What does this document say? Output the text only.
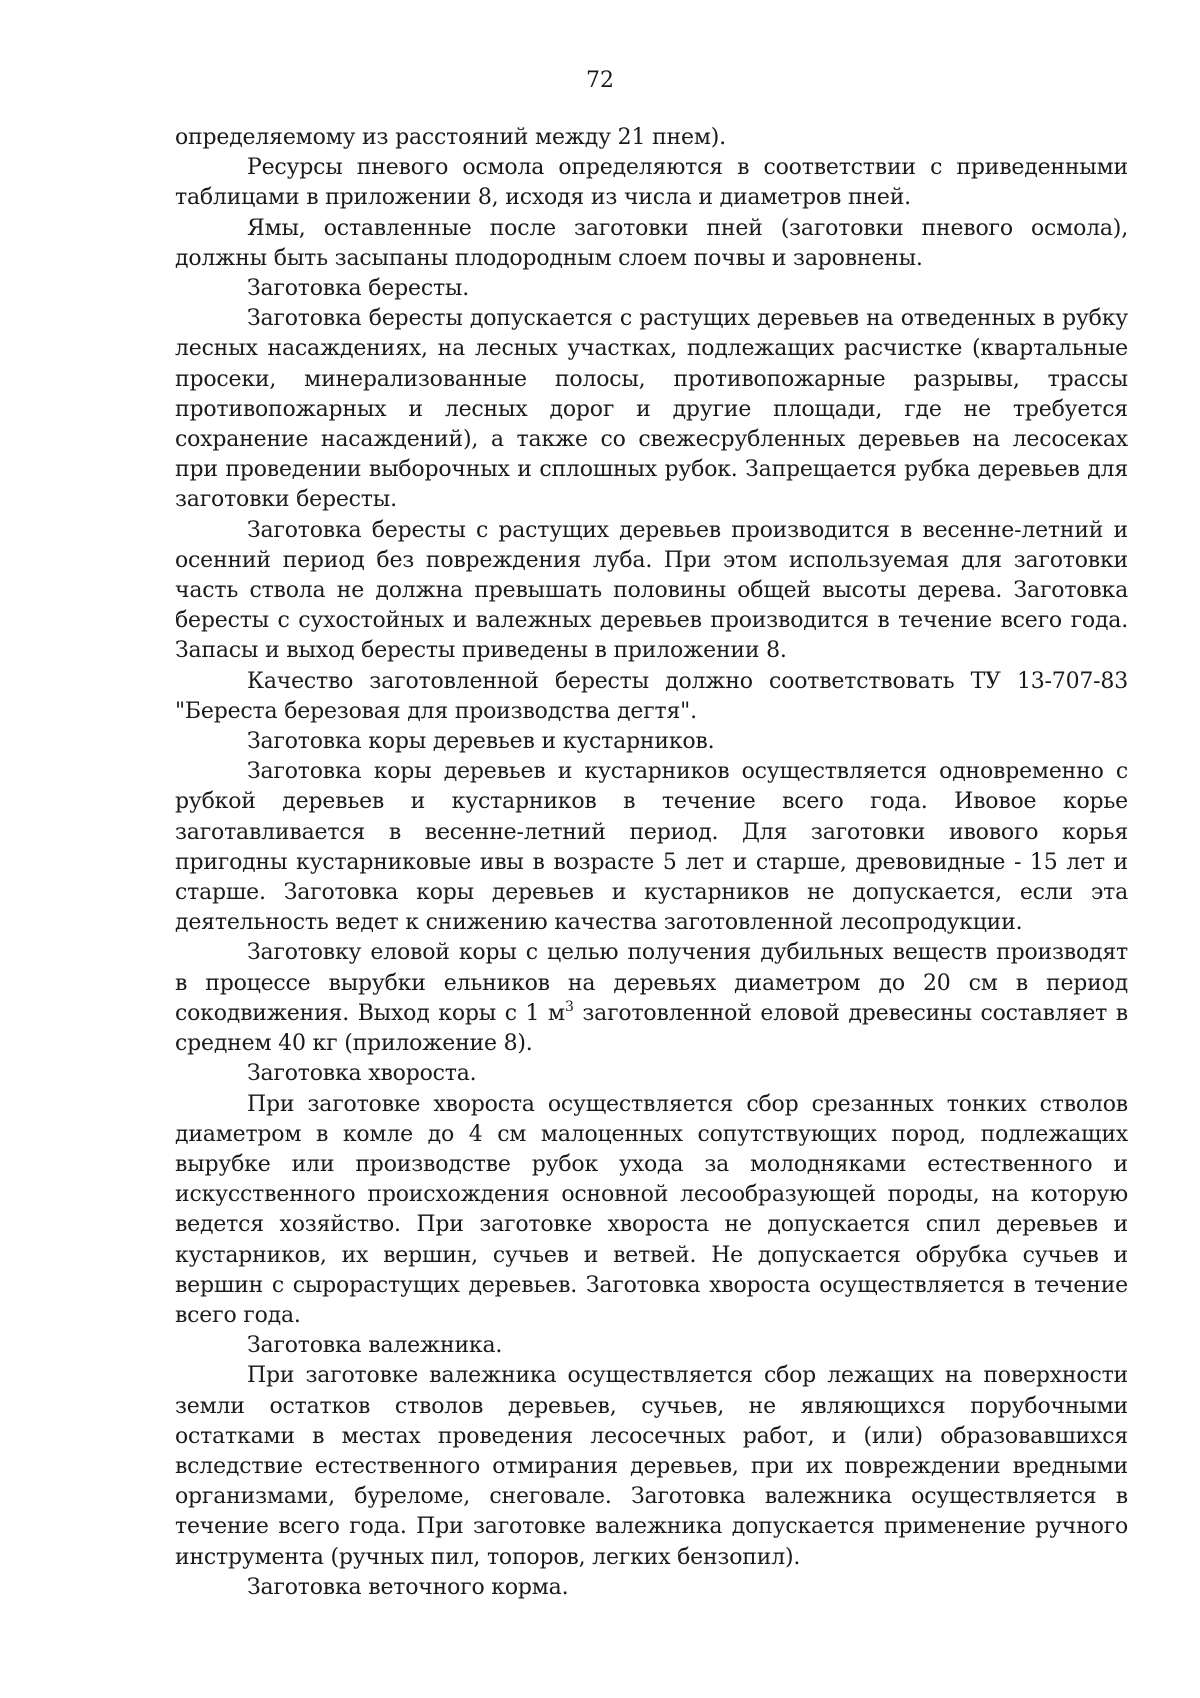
72

определяемому из расстояний между 21 пнем).

Ресурсы пневого осмола определяются в соответствии с приведенными таблицами в приложении 8, исходя из числа и диаметров пней.

Ямы, оставленные после заготовки пней (заготовки пневого осмола), должны быть засыпаны плодородным слоем почвы и заровнены.

Заготовка бересты.

Заготовка бересты допускается с растущих деревьев на отведенных в рубку лесных насаждениях, на лесных участках, подлежащих расчистке (квартальные просеки, минерализованные полосы, противопожарные разрывы, трассы противопожарных и лесных дорог и другие площади, где не требуется сохранение насаждений), а также со свежесрубленных деревьев на лесосеках при проведении выборочных и сплошных рубок. Запрещается рубка деревьев для заготовки бересты.

Заготовка бересты с растущих деревьев производится в весенне-летний и осенний период без повреждения луба. При этом используемая для заготовки часть ствола не должна превышать половины общей высоты дерева. Заготовка бересты с сухостойных и валежных деревьев производится в течение всего года. Запасы и выход бересты приведены в приложении 8.

Качество заготовленной бересты должно соответствовать ТУ 13-707-83 "Береста березовая для производства дегтя".

Заготовка коры деревьев и кустарников.

Заготовка коры деревьев и кустарников осуществляется одновременно с рубкой деревьев и кустарников в течение всего года. Ивовое корье заготавливается в весенне-летний период. Для заготовки ивового корья пригодны кустарниковые ивы в возрасте 5 лет и старше, древовидные - 15 лет и старше. Заготовка коры деревьев и кустарников не допускается, если эта деятельность ведет к снижению качества заготовленной лесопродукции.

Заготовку еловой коры с целью получения дубильных веществ производят в процессе вырубки ельников на деревьях диаметром до 20 см в период сокодвижения. Выход коры с 1 $м^3$ заготовленной еловой древесины составляет в среднем 40 кг (приложение 8).

Заготовка хвороста.

При заготовке хвороста осуществляется сбор срезанных тонких стволов диаметром в комле до 4 см малоценных сопутствующих пород, подлежащих вырубке или производстве рубок ухода за молодняками естественного и искусственного происхождения основной лесообразующей породы, на которую ведется хозяйство. При заготовке хвороста не допускается спил деревьев и кустарников, их вершин, сучьев и ветвей. Не допускается обрубка сучьев и вершин с сырорастущих деревьев. Заготовка хвороста осуществляется в течение всего года.

Заготовка валежника.

При заготовке валежника осуществляется сбор лежащих на поверхности земли остатков стволов деревьев, сучьев, не являющихся порубочными остатками в местах проведения лесосечных работ, и (или) образовавшихся вследствие естественного отмирания деревьев, при их повреждении вредными организмами, буреломе, снеговале. Заготовка валежника осуществляется в течение всего года. При заготовке валежника допускается применение ручного инструмента (ручных пил, топоров, легких бензопил).

Заготовка веточного корма.
